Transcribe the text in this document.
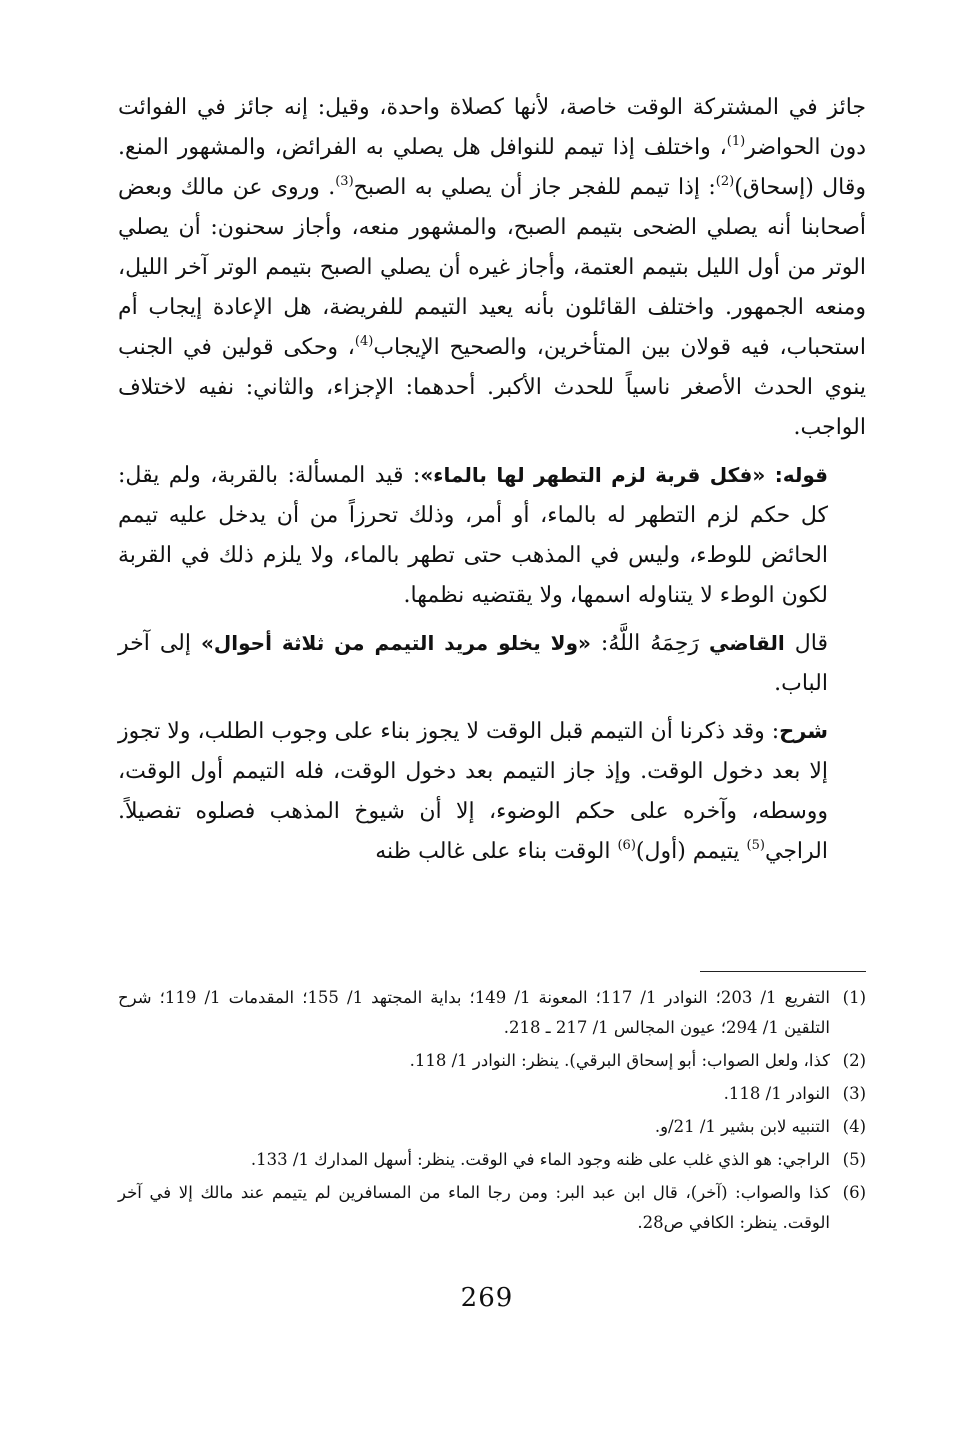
جائز في المشتركة الوقت خاصة، لأنها كصلاة واحدة، وقيل: إنه جائز في الفوائت دون الحواضر$^{(1)}$، واختلف إذا تيمم للنوافل هل يصلي به الفرائض، والمشهور المنع. وقال (إسحاق)$^{(2)}$: إذا تيمم للفجر جاز أن يصلي به الصبح$^{(3)}$. وروى عن مالك وبعض أصحابنا أنه يصلي الضحى بتيمم الصبح، والمشهور منعه، وأجاز سحنون: أن يصلي الوتر من أول الليل بتيمم العتمة، وأجاز غيره أن يصلي الصبح بتيمم الوتر آخر الليل، ومنعه الجمهور. واختلف القائلون بأنه يعيد التيمم للفريضة، هل الإعادة إيجاب أم استحباب، فيه قولان بين المتأخرين، والصحيح الإيجاب$^{(4)}$، وحكى قولين في الجنب ينوي الحدث الأصغر ناسياً للحدث الأكبر. أحدهما: الإجزاء، والثاني: نفيه لاختلاف الواجب.

قوله: «فكل قربة لزم التطهر لها بالماء»: قيد المسألة: بالقربة، ولم يقل: كل حكم لزم التطهر له بالماء، أو أمر، وذلك تحرزاً من أن يدخل عليه تيمم الحائض للوطء، وليس في المذهب حتى تطهر بالماء، ولا يلزم ذلك في القربة لكون الوطء لا يتناوله اسمها، ولا يقتضيه نظمها.

قال القاضي رَحِمَهُ اللَّهُ: «ولا يخلو مريد التيمم من ثلاثة أحوال» إلى آخر الباب.

شرح: وقد ذكرنا أن التيمم قبل الوقت لا يجوز بناء على وجوب الطلب، ولا تجوز إلا بعد دخول الوقت. وإذ جاز التيمم بعد دخول الوقت، فله التيمم أول الوقت، ووسطه، وآخره على حكم الوضوء، إلا أن شيوخ المذهب فصلوه تفصيلاً. الراجي$^{(5)}$ يتيمم (أول)$^{(6)}$ الوقت بناء على غالب ظنه

(1)
التفريع 1/ 203؛ النوادر 1/ 117؛ المعونة 1/ 149؛ بداية المجتهد 1/ 155؛ المقدمات 1/ 119؛ شرح التلقين 1/ 294؛ عيون المجالس 1/ 217 ـ 218.
(2)
كذا، ولعل الصواب: أبو إسحاق البرقي). ينظر: النوادر 1/ 118.
(3)
النوادر 1/ 118.
(4)
التنبيه لابن بشير 1/ 21/و.
(5)
الراجي: هو الذي غلب على ظنه وجود الماء في الوقت. ينظر: أسهل المدارك 1/ 133.
(6)
كذا والصواب: (آخر)، قال ابن عبد البر: ومن رجا الماء من المسافرين لم يتيمم عند مالك إلا في آخر الوقت. ينظر: الكافي ص28.
269
